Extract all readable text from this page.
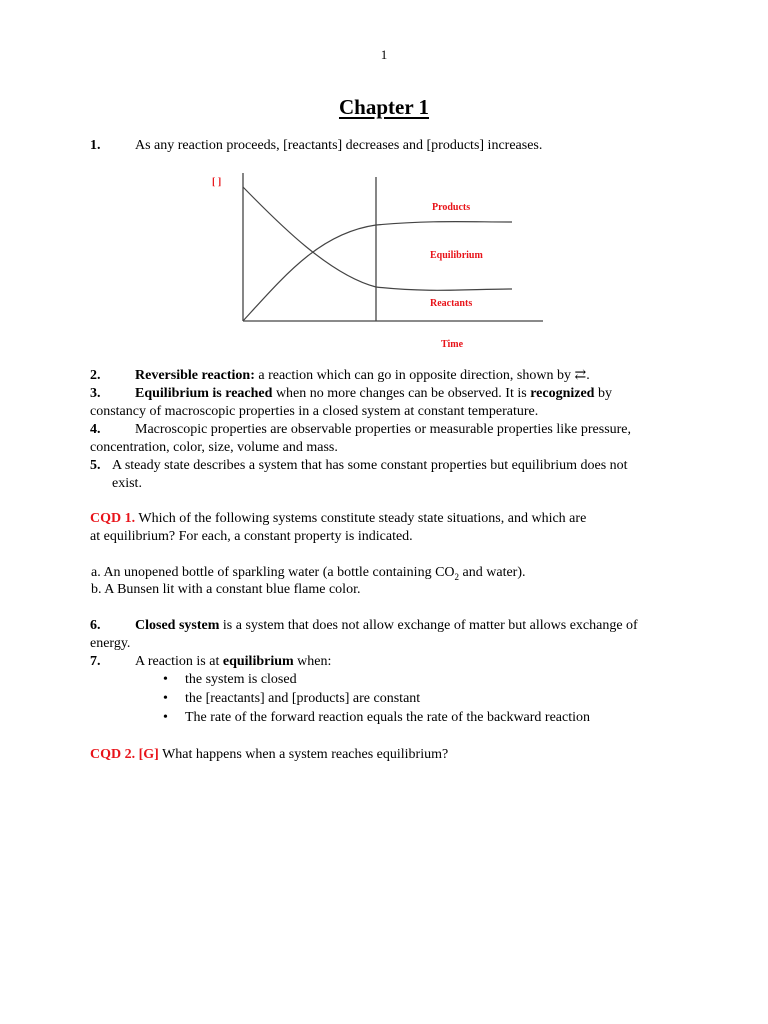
1
Chapter 1
1. As any reaction proceeds, [reactants] decreases and [products] increases.
[ ]
Products
Equilibrium
Reactants
Time
2. Reversible reaction: a reaction which can go in opposite direction, shown by ⇄.
3. Equilibrium is reached when no more changes can be observed. It is recognized by
constancy of macroscopic properties in a closed system at constant temperature.
4. Macroscopic properties are observable properties or measurable properties like pressure,
concentration, color, size, volume and mass.
5. A steady state describes a system that has some constant properties but equilibrium does not
exist.
CQD 1. Which of the following systems constitute steady state situations, and which are
at equilibrium? For each, a constant property is indicated.
a. An unopened bottle of sparkling water (a bottle containing $CO_2$ and water).
b. A Bunsen lit with a constant blue flame color.
6. Closed system is a system that does not allow exchange of matter but allows exchange of
energy.
7. A reaction is at equilibrium when:
• the system is closed
• the [reactants] and [products] are constant
• The rate of the forward reaction equals the rate of the backward reaction
CQD 2. [G] What happens when a system reaches equilibrium?
